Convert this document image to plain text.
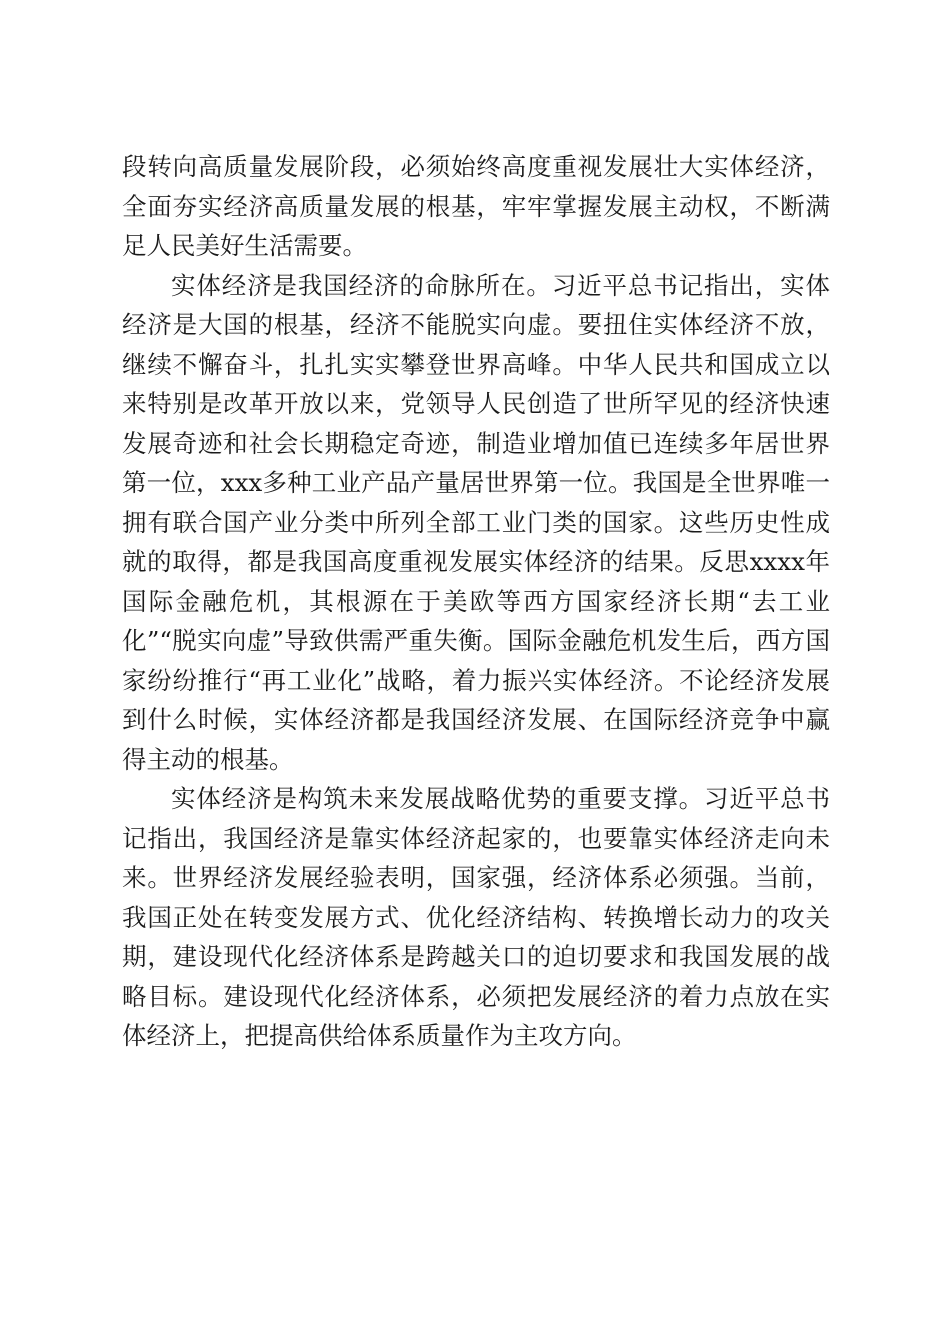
段转向高质量发展阶段，必须始终高度重视发展壮大实体经济，全面夯实经济高质量发展的根基，牢牢掌握发展主动权，不断满足人民美好生活需要。

实体经济是我国经济的命脉所在。习近平总书记指出，实体经济是大国的根基，经济不能脱实向虚。要扭住实体经济不放，继续不懈奋斗，扎扎实实攀登世界高峰。中华人民共和国成立以来特别是改革开放以来，党领导人民创造了世所罕见的经济快速发展奇迹和社会长期稳定奇迹，制造业增加值已连续多年居世界第一位，xxx多种工业产品产量居世界第一位。我国是全世界唯一拥有联合国产业分类中所列全部工业门类的国家。这些历史性成就的取得，都是我国高度重视发展实体经济的结果。反思xxxx年国际金融危机，其根源在于美欧等西方国家经济长期“去工业化”“脱实向虚”导致供需严重失衡。国际金融危机发生后，西方国家纷纷推行“再工业化”战略，着力振兴实体经济。不论经济发展到什么时候，实体经济都是我国经济发展、在国际经济竞争中赢得主动的根基。

实体经济是构筑未来发展战略优势的重要支撑。习近平总书记指出，我国经济是靠实体经济起家的，也要靠实体经济走向未来。世界经济发展经验表明，国家强，经济体系必须强。当前，我国正处在转变发展方式、优化经济结构、转换增长动力的攻关期，建设现代化经济体系是跨越关口的迫切要求和我国发展的战略目标。建设现代化经济体系，必须把发展经济的着力点放在实体经济上，把提高供给体系质量作为主攻方向。
